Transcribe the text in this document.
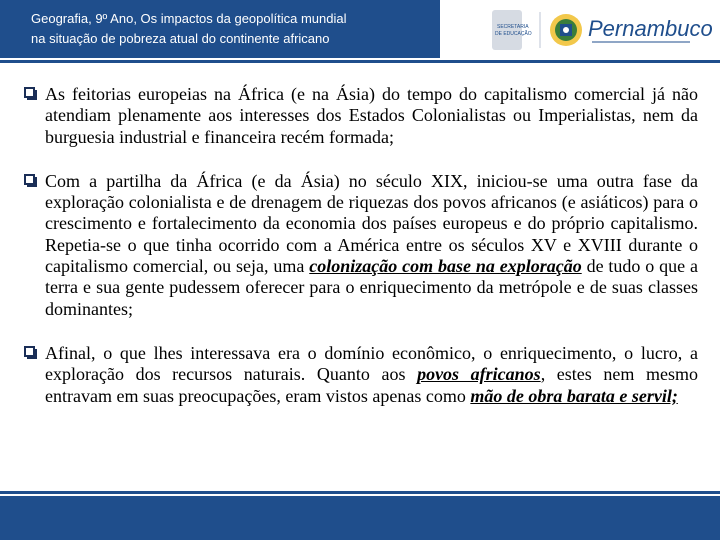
Geografia, 9º Ano, Os impactos da geopolítica mundial
na situação de pobreza atual do continente africano
SECRETARIA
DE EDUCAÇÃO	Pernambuco
As feitorias europeias na África (e na Ásia) do tempo do capitalismo comercial já não atendiam plenamente aos interesses dos Estados Colonialistas ou Imperialistas, nem da burguesia industrial e financeira recém formada;
Com a partilha da África (e da Ásia) no século XIX, iniciou-se uma outra fase da exploração colonialista e de drenagem de riquezas dos povos africanos (e asiáticos) para o crescimento e fortalecimento da economia dos países europeus e do próprio capitalismo. Repetia-se o que tinha ocorrido com a América entre os séculos XV e XVIII durante o capitalismo comercial, ou seja, uma colonização com base na exploração de tudo o que a terra e sua gente pudessem oferecer para o enriquecimento da metrópole e de suas classes dominantes;
Afinal, o que lhes interessava era o domínio econômico, o enriquecimento, o lucro, a exploração dos recursos naturais. Quanto aos povos africanos, estes nem mesmo entravam em suas preocupações, eram vistos apenas como mão de obra barata e servil;
